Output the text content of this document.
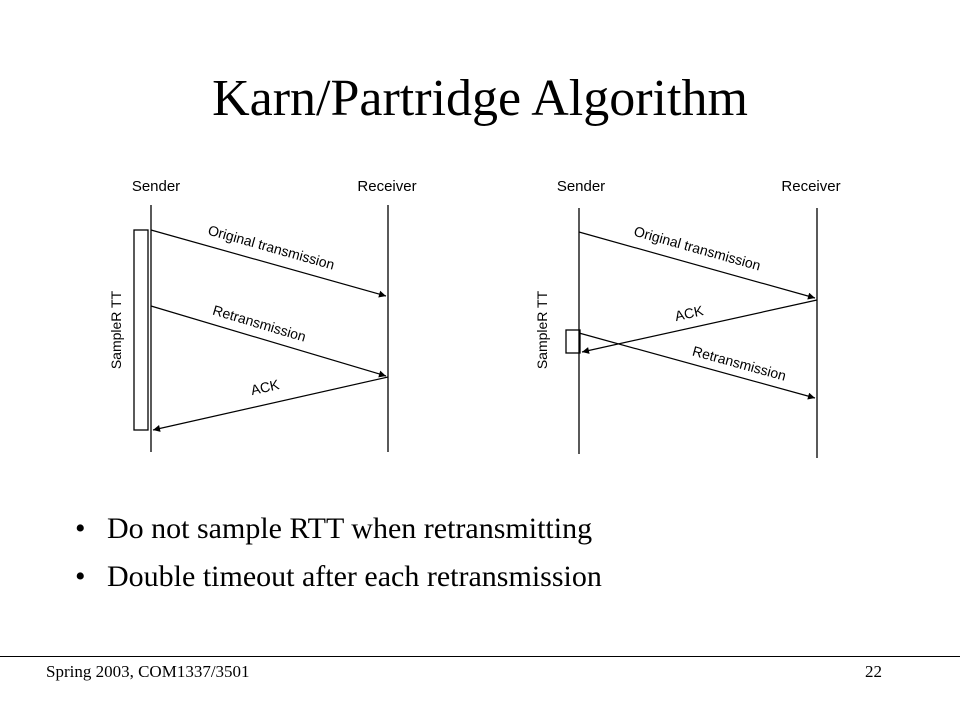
Karn/Partridge Algorithm
Sender	Receiver
SampleR TT
Original transmission
Retransmission
ACK
Sender	Receiver
SampleR TT
Original transmission
ACK
Retransmission
• Do not sample RTT when retransmitting
• Double timeout after each retransmission
Spring 2003, COM1337/3501	22
